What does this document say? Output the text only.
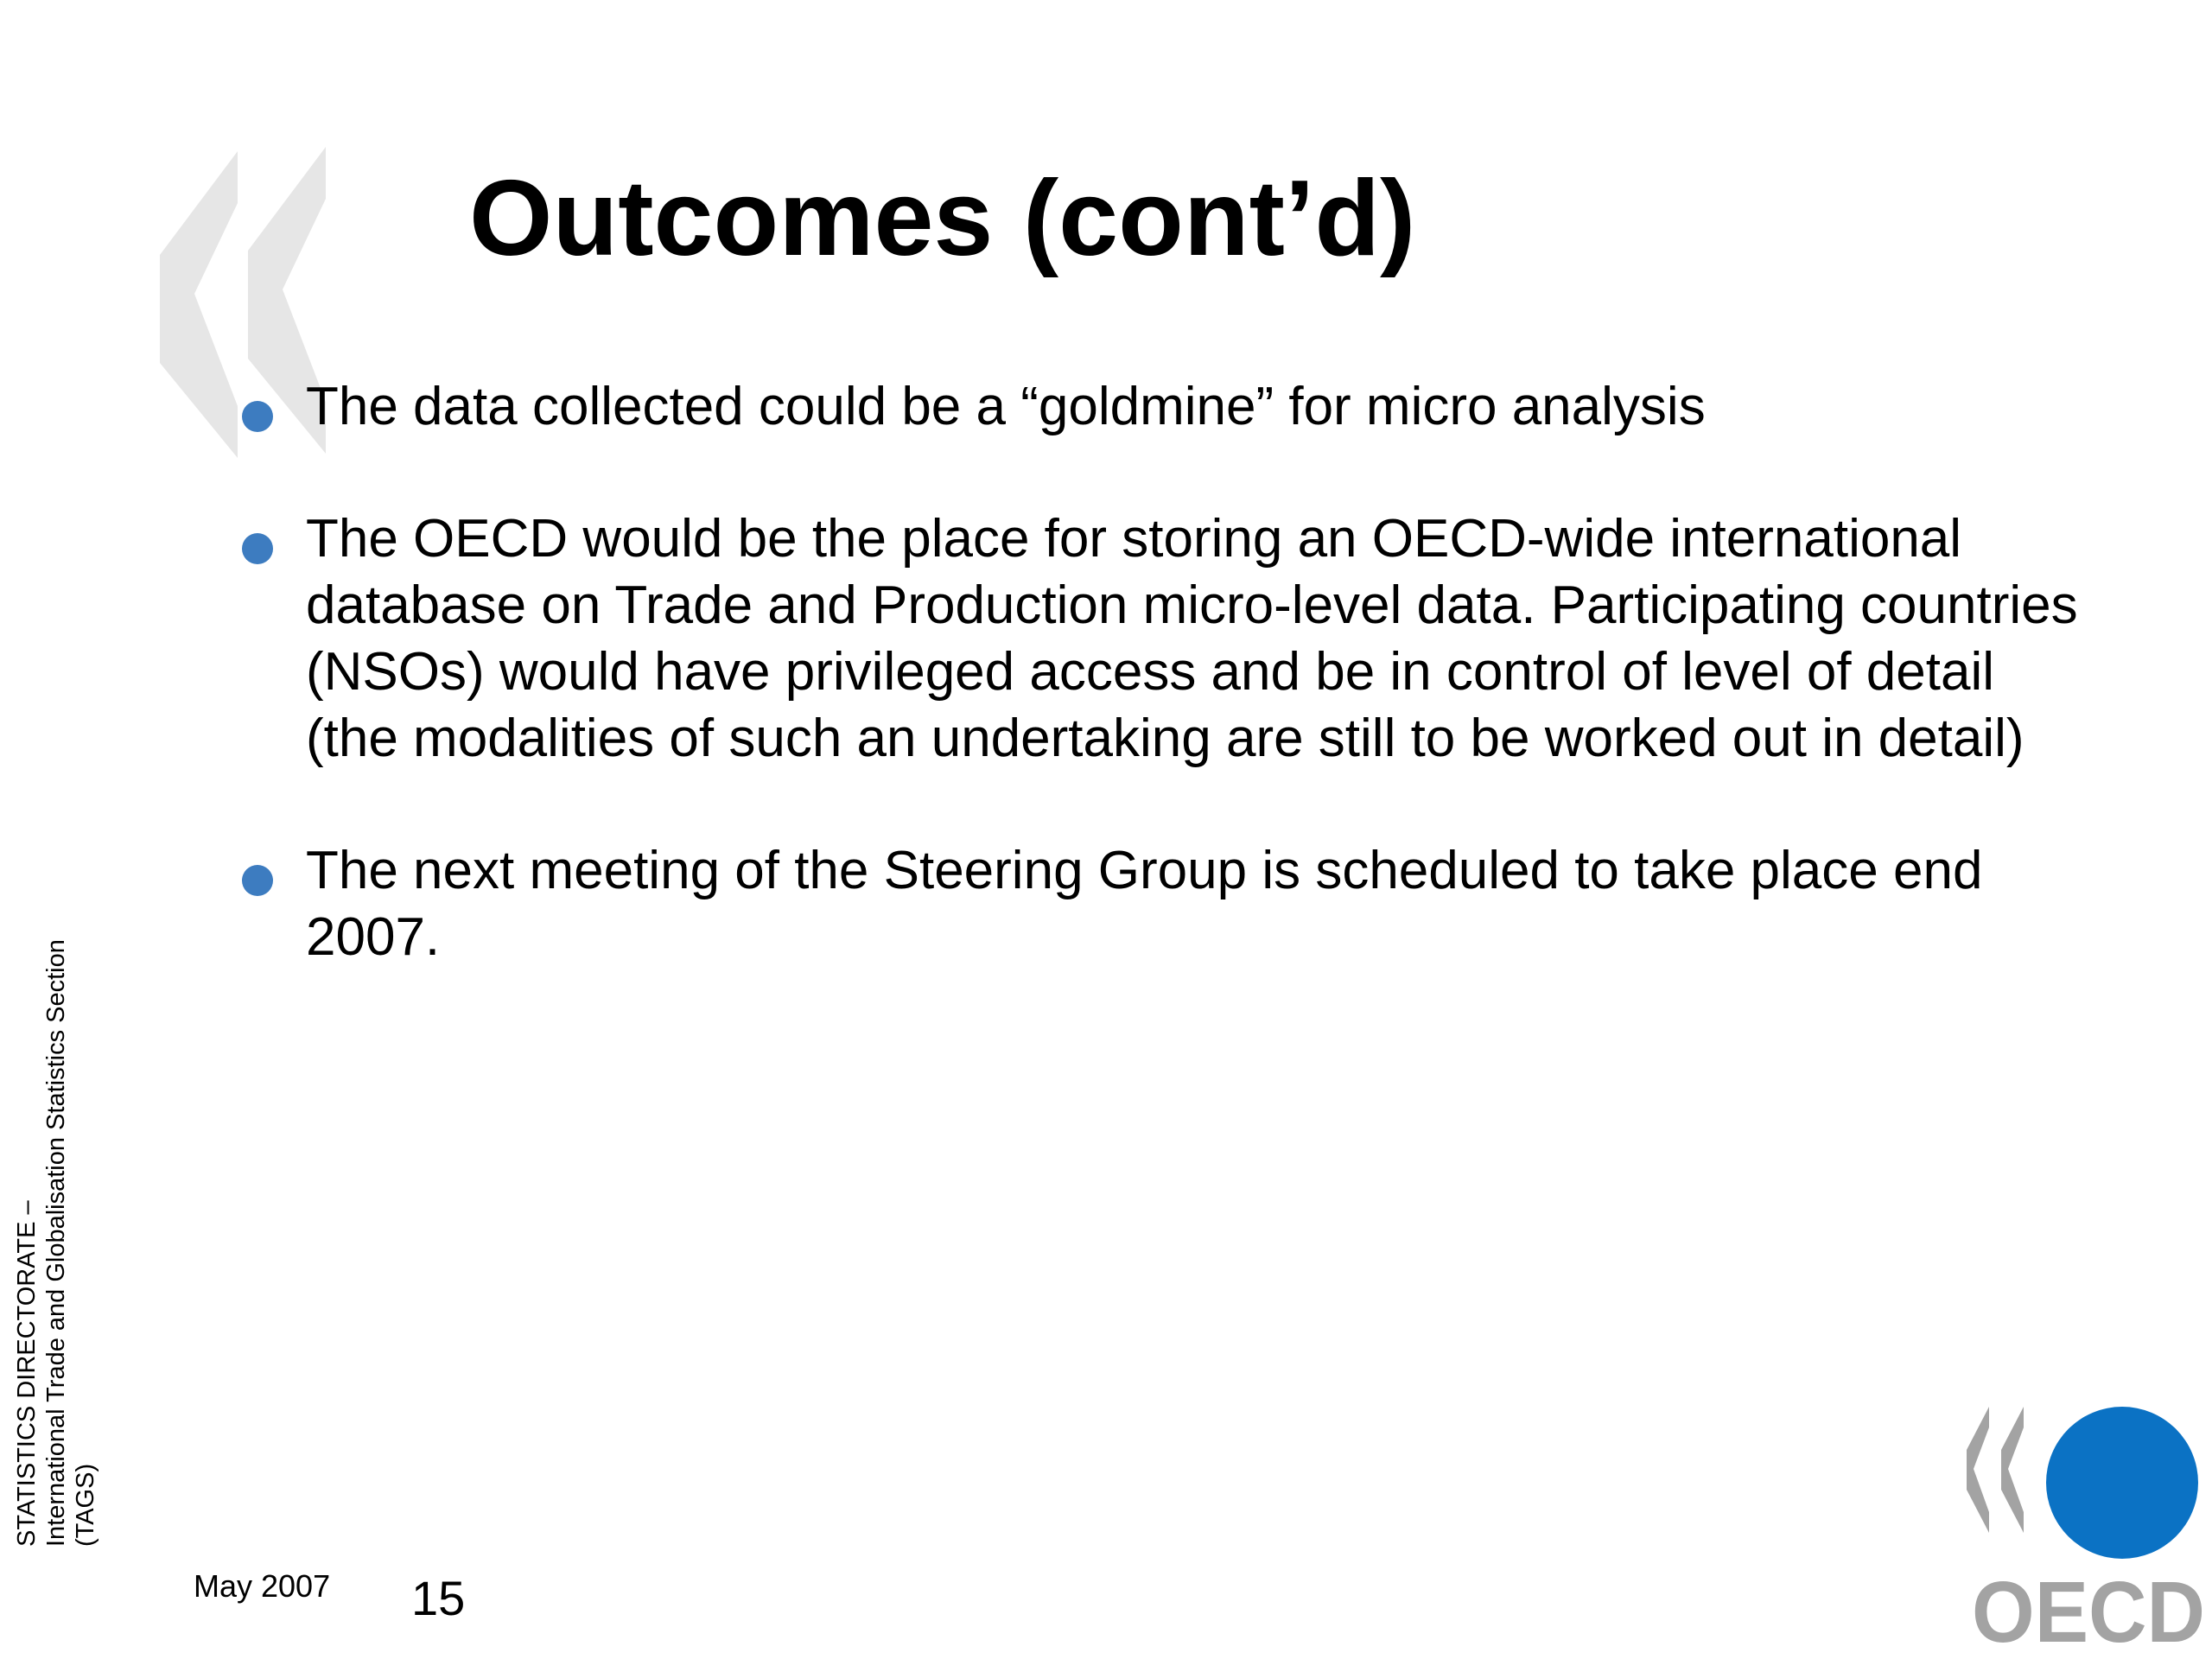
Outcomes (cont’d)
The data collected could be a “goldmine” for micro analysis
The OECD would be the place for storing an OECD-wide international database on Trade and Production micro-level data. Participating countries (NSOs) would have privileged access and be in control of level of detail (the modalities of such an undertaking are still to be worked out in detail)
The next meeting of the Steering Group is scheduled to take place end 2007.
STATISTICS DIRECTORATE – International Trade and Globalisation Statistics Section (TAGS)
May 2007 15	OECD
